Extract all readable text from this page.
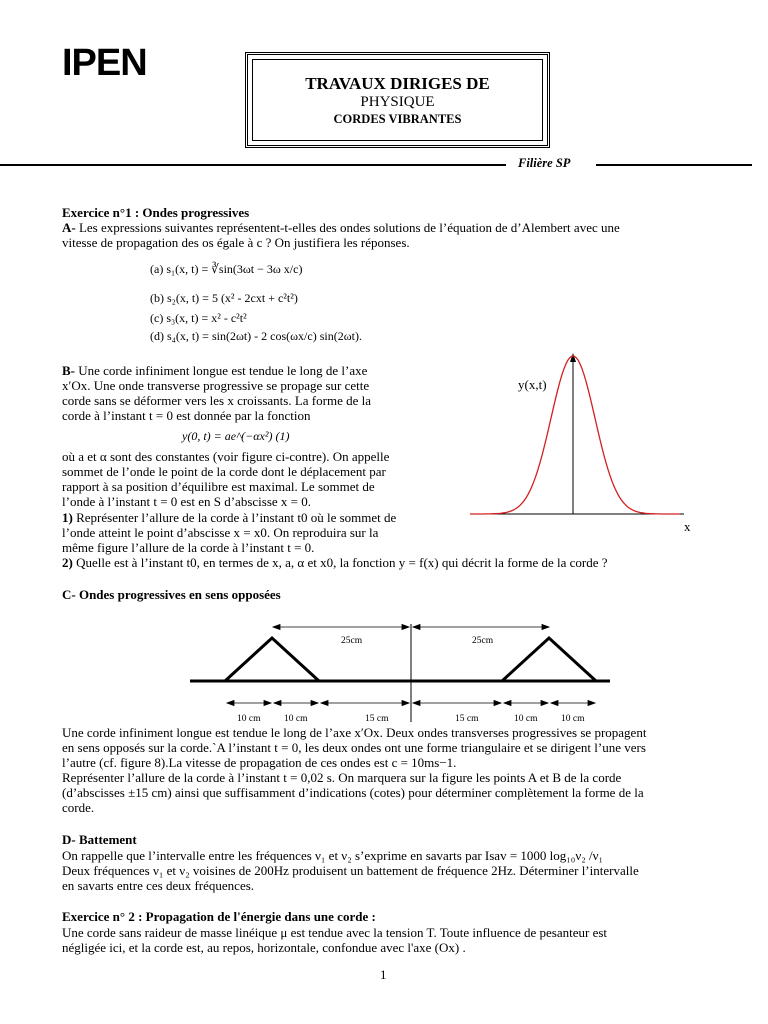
IPEN	TRAVAUX DIRIGES DE
PHYSIQUE
CORDES VIBRANTES
Filière SP
Exercice n°1 : Ondes progressives
A- Les expressions suivantes représentent-t-elles des ondes solutions de l’équation de d’Alembert avec une
vitesse de propagation des os égale à c ? On justifiera les réponses.
(a) s₁(x, t) = ∛sin(3ωt − 3ω x/c)
(b) s₂(x, t) = 5 (x² - 2cxt + c²t²)
(c) s₃(x, t) = x² - c²t²
(d) s₄(x, t) = sin(2ωt) - 2 cos(ωx/c) sin(2ωt).
B- Une corde infiniment longue est tendue le long de l’axe
x′Ox. Une onde transverse progressive se propage sur cette
corde sans se déformer vers les x croissants. La forme de la
corde à l’instant t = 0 est donnée par la fonction
y(0, t) = ae^(−αx²) (1)
où a et α sont des constantes (voir figure ci-contre). On appelle
sommet de l’onde le point de la corde dont le déplacement par
rapport à sa position d’équilibre est maximal. Le sommet de
l’onde à l’instant t = 0 est en S d’abscisse x = 0.
1) Représenter l’allure de la corde à l’instant t0 où le sommet de
l’onde atteint le point d’abscisse x = x0. On reproduira sur la
même figure l’allure de la corde à l’instant t = 0.
2) Quelle est à l’instant t0, en termes de x, a, α et x0, la fonction y = f(x) qui décrit la forme de la corde ?
y(x,t)
x
C- Ondes progressives en sens opposées
25cm	25cm
10 cm 10 cm	15 cm	15 cm	10 cm 10 cm
Une corde infiniment longue est tendue le long de l’axe x′Ox. Deux ondes transverses progressives se propagent
en sens opposés sur la corde.`A l’instant t = 0, les deux ondes ont une forme triangulaire et se dirigent l’une vers
l’autre (cf. figure 8).La vitesse de propagation de ces ondes est c = 10ms−1.
Représenter l’allure de la corde à l’instant t = 0,02 s. On marquera sur la figure les points A et B de la corde
(d’abscisses ±15 cm) ainsi que suffisamment d’indications (cotes) pour déterminer complètement la forme de la
corde.
D- Battement
On rappelle que l’intervalle entre les fréquences ν₁ et ν₂ s’exprime en savarts par Isav = 1000 log₁₀ν₂ /ν₁
Deux fréquences ν₁ et ν₂ voisines de 200Hz produisent un battement de fréquence 2Hz. Déterminer l’intervalle
en savarts entre ces deux fréquences.
Exercice n° 2 : Propagation de l'énergie dans une corde :
Une corde sans raideur de masse linéique μ est tendue avec la tension T. Toute influence de pesanteur est
négligée ici, et la corde est, au repos, horizontale, confondue avec l'axe (Ox) .
1
